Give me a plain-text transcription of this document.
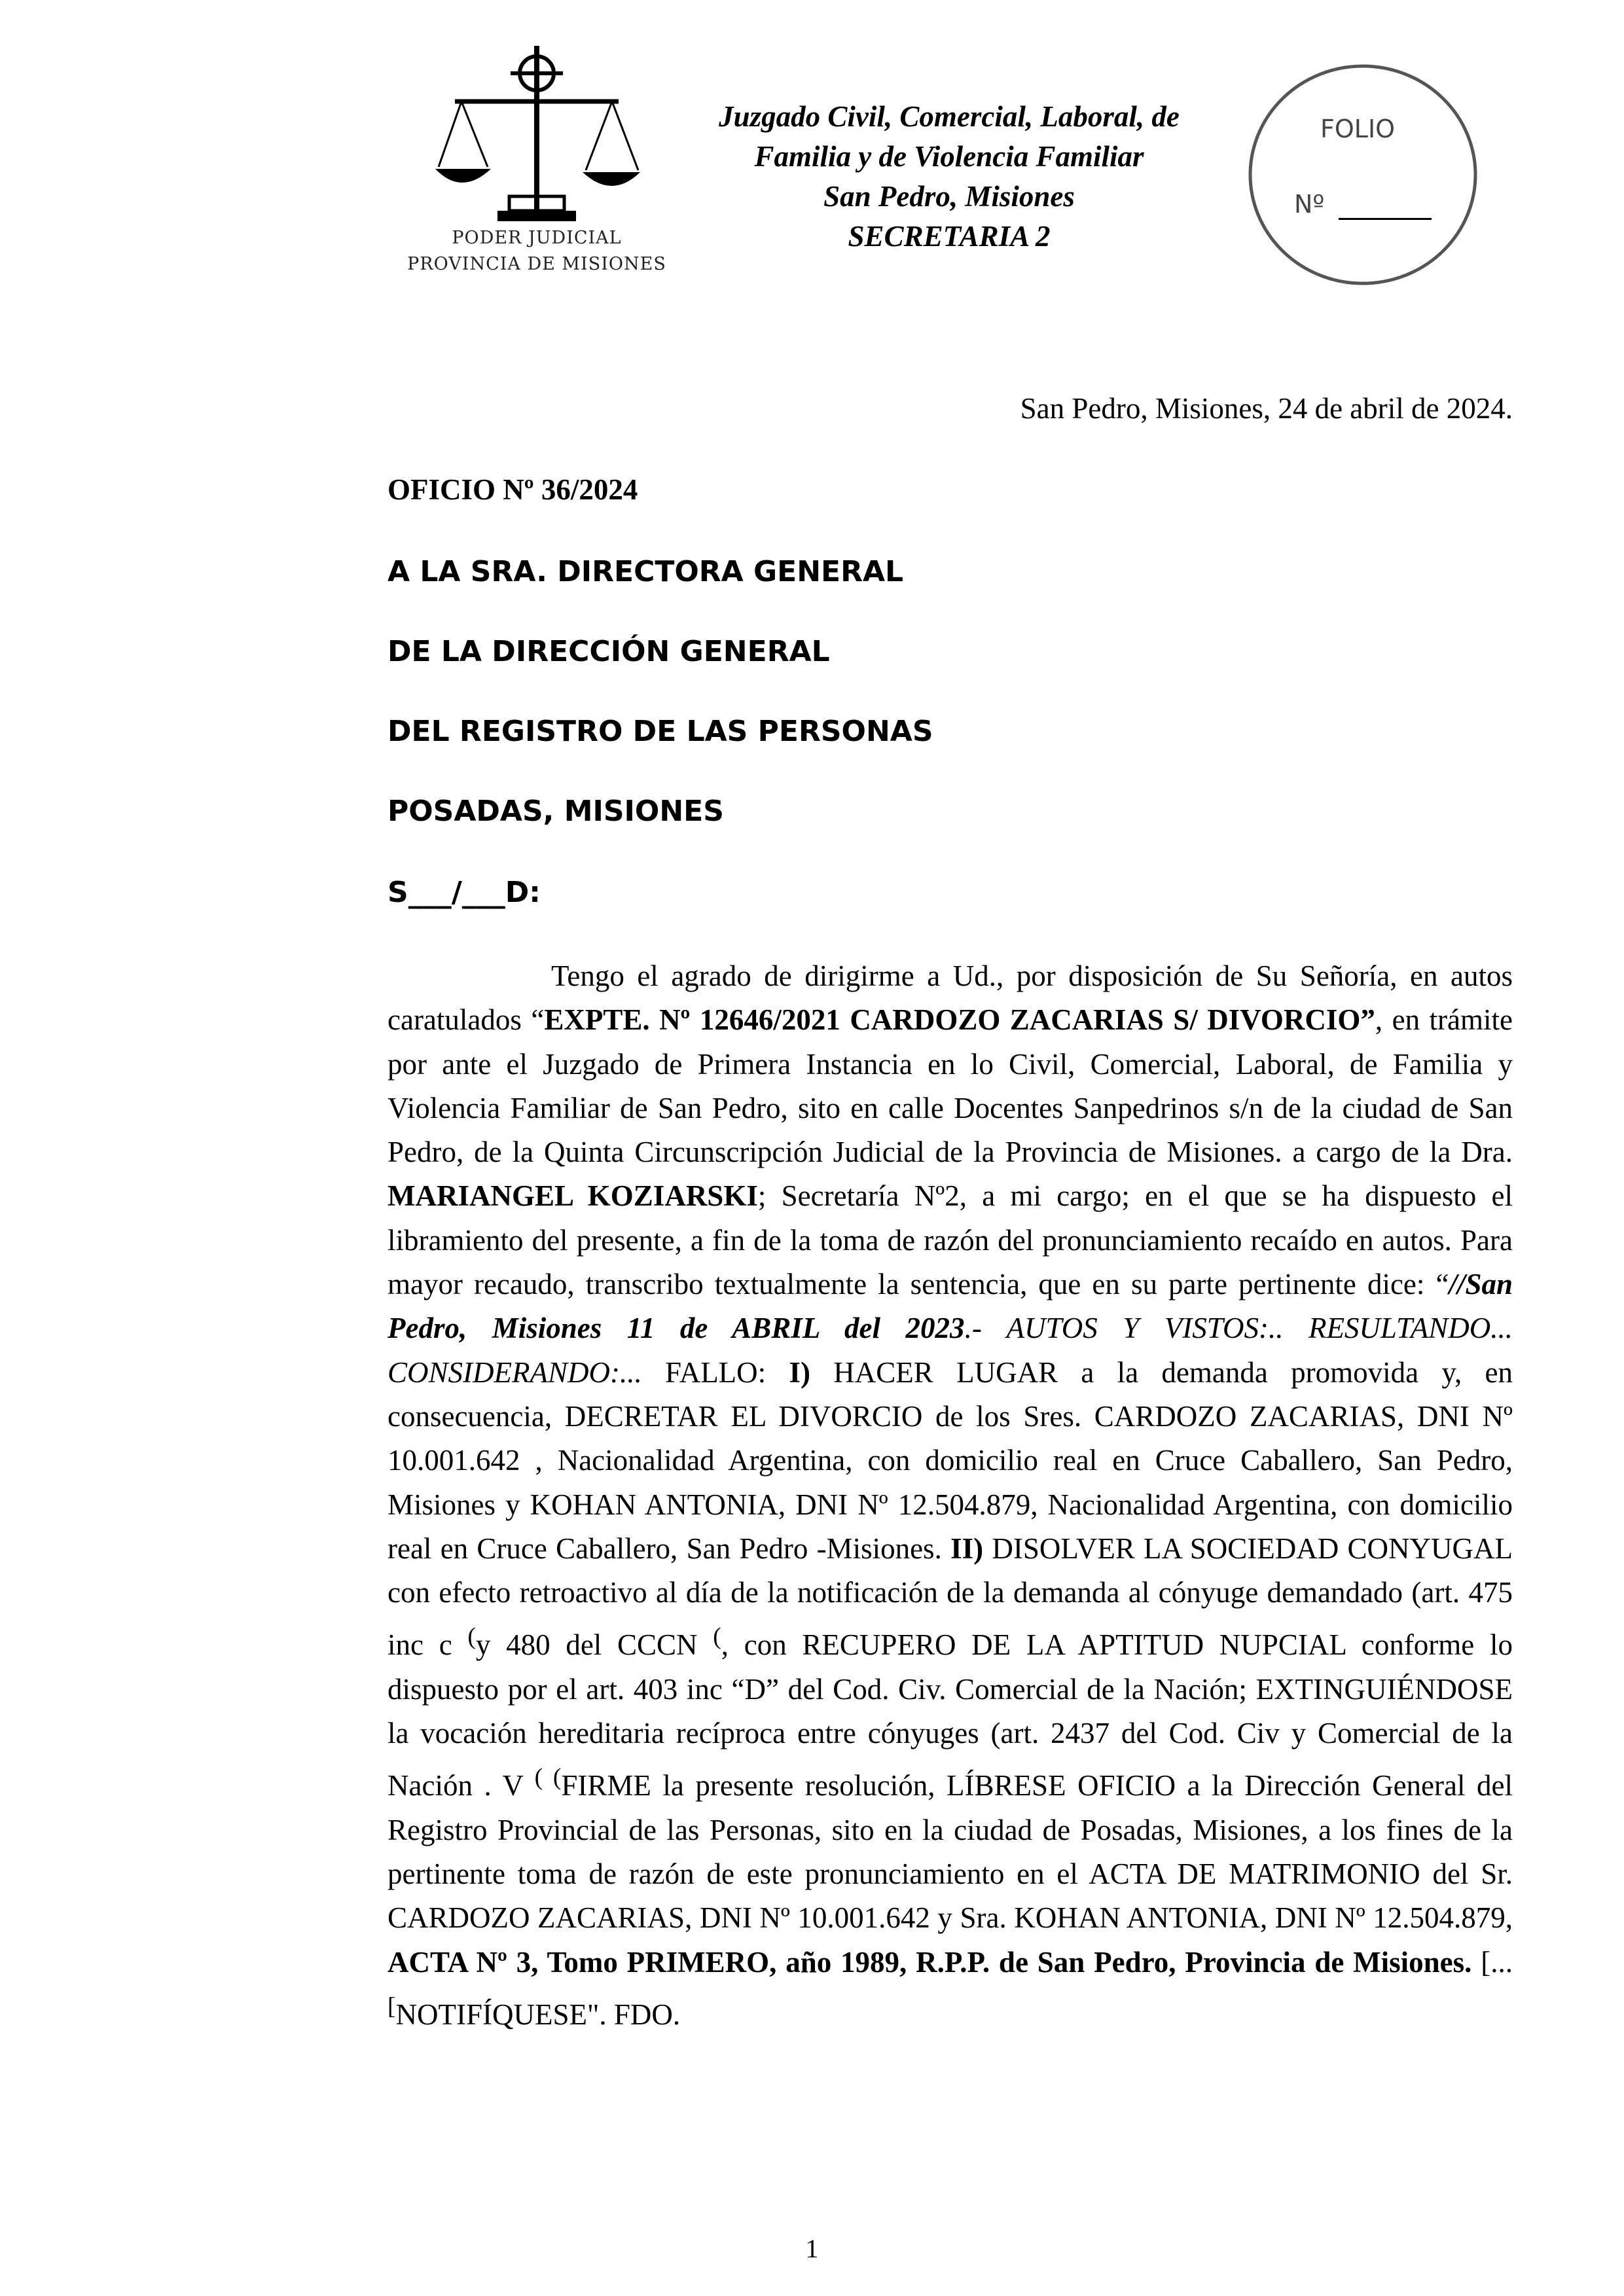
PODER JUDICIAL
PROVINCIA DE MISIONES
Juzgado Civil, Comercial, Laboral, de
Familia y de Violencia Familiar
San Pedro, Misiones
SECRETARIA 2
FOLIO
Nº
San Pedro, Misiones, 24 de abril de 2024.
OFICIO Nº 36/2024
A LA SRA. DIRECTORA GENERAL
DE LA DIRECCIÓN GENERAL
DEL REGISTRO DE LAS PERSONAS
POSADAS, MISIONES
S___/___D:
Tengo el agrado de dirigirme a Ud., por disposición de Su Señoría, en autos caratulados “EXPTE. Nº 12646/2021 CARDOZO ZACARIAS S/ DIVORCIO”, en trámite por ante el Juzgado de Primera Instancia en lo Civil, Comercial, Laboral, de Familia y Violencia Familiar de San Pedro, sito en calle Docentes Sanpedrinos s/n de la ciudad de San Pedro, de la Quinta Circunscripción Judicial de la Provincia de Misiones. a cargo de la Dra. MARIANGEL KOZIARSKI; Secretaría Nº2, a mi cargo; en el que se ha dispuesto el libramiento del presente, a fin de la toma de razón del pronunciamiento recaído en autos. Para mayor recaudo, transcribo textualmente la sentencia, que en su parte pertinente dice: “//San Pedro, Misiones 11 de ABRIL del 2023.- AUTOS Y VISTOS:.. RESULTANDO... CONSIDERANDO:... FALLO: I) HACER LUGAR a la demanda promovida y, en consecuencia, DECRETAR EL DIVORCIO de los Sres. CARDOZO ZACARIAS, DNI Nº 10.001.642 , Nacionalidad Argentina, con domicilio real en Cruce Caballero, San Pedro, Misiones y KOHAN ANTONIA, DNI Nº 12.504.879, Nacionalidad Argentina, con domicilio real en Cruce Caballero, San Pedro -Misiones. II) DISOLVER LA SOCIEDAD CONYUGAL con efecto retroactivo al día de la notificación de la demanda al cónyuge demandado (art. 475 inc c (y 480 del CCCN (, con RECUPERO DE LA APTITUD NUPCIAL conforme lo dispuesto por el art. 403 inc “D” del Cod. Civ. Comercial de la Nación; EXTINGUIÉNDOSE la vocación hereditaria recíproca entre cónyuges (art. 2437 del Cod. Civ y Comercial de la Nación . V ( (FIRME la presente resolución, LÍBRESE OFICIO a la Dirección General del Registro Provincial de las Personas, sito en la ciudad de Posadas, Misiones, a los fines de la pertinente toma de razón de este pronunciamiento en el ACTA DE MATRIMONIO del Sr. CARDOZO ZACARIAS, DNI Nº 10.001.642 y Sra. KOHAN ANTONIA, DNI Nº 12.504.879, ACTA Nº 3, Tomo PRIMERO, año 1989, R.P.P. de San Pedro, Provincia de Misiones. [... [NOTIFÍQUESE". FDO.
1
